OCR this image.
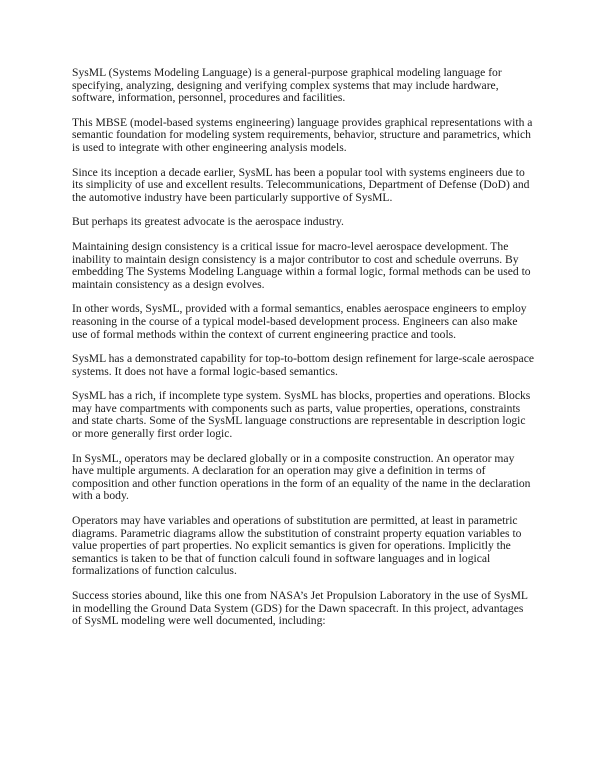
SysML (Systems Modeling Language) is a general-purpose graphical modeling language for specifying, analyzing, designing and verifying complex systems that may include hardware, software, information, personnel, procedures and facilities.

This MBSE (model-based systems engineering) language provides graphical representations with a semantic foundation for modeling system requirements, behavior, structure and parametrics, which is used to integrate with other engineering analysis models.

Since its inception a decade earlier, SysML has been a popular tool with systems engineers due to its simplicity of use and excellent results. Telecommunications, Department of Defense (DoD) and the automotive industry have been particularly supportive of SysML.

But perhaps its greatest advocate is the aerospace industry.

Maintaining design consistency is a critical issue for macro-level aerospace development. The inability to maintain design consistency is a major contributor to cost and schedule overruns. By embedding The Systems Modeling Language within a formal logic, formal methods can be used to maintain consistency as a design evolves.

In other words, SysML, provided with a formal semantics, enables aerospace engineers to employ reasoning in the course of a typical model-based development process. Engineers can also make use of formal methods within the context of current engineering practice and tools.

SysML has a demonstrated capability for top-to-bottom design refinement for large-scale aerospace systems. It does not have a formal logic-based semantics.

SysML has a rich, if incomplete type system. SysML has blocks, properties and operations. Blocks may have compartments with components such as parts, value properties, operations, constraints and state charts. Some of the SysML language constructions are representable in description logic or more generally first order logic.

In SysML, operators may be declared globally or in a composite construction. An operator may have multiple arguments. A declaration for an operation may give a definition in terms of composition and other function operations in the form of an equality of the name in the declaration with a body.

Operators may have variables and operations of substitution are permitted, at least in parametric diagrams. Parametric diagrams allow the substitution of constraint property equation variables to value properties of part properties. No explicit semantics is given for operations. Implicitly the semantics is taken to be that of function calculi found in software languages and in logical formalizations of function calculus.

Success stories abound, like this one from NASA’s Jet Propulsion Laboratory in the use of SysML in modelling the Ground Data System (GDS) for the Dawn spacecraft. In this project, advantages of SysML modeling were well documented, including:
